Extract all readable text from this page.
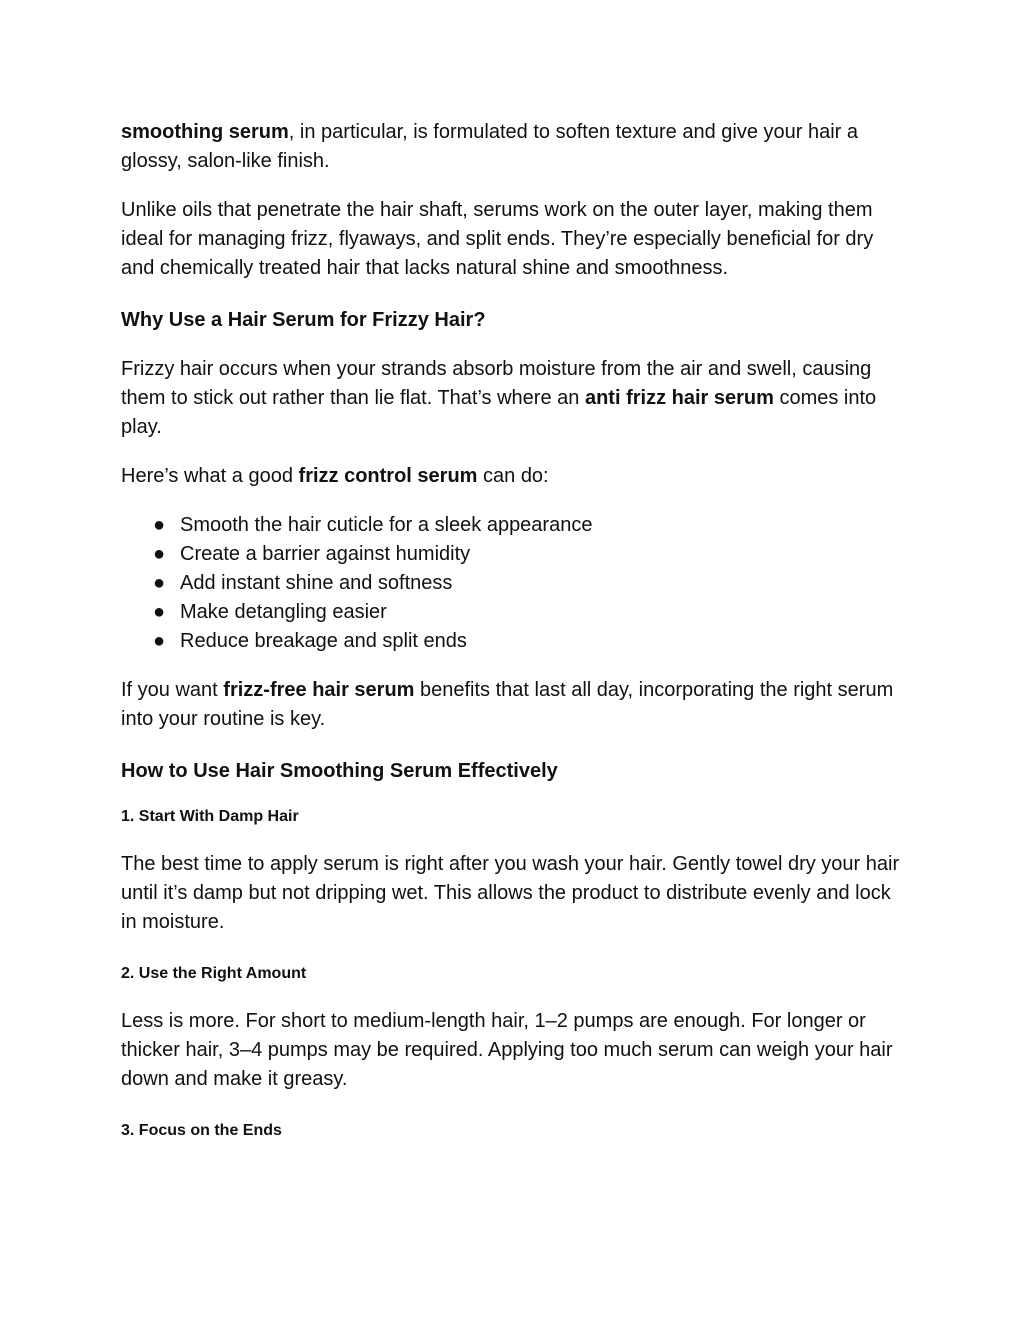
smoothing serum, in particular, is formulated to soften texture and give your hair a glossy, salon-like finish.

Unlike oils that penetrate the hair shaft, serums work on the outer layer, making them ideal for managing frizz, flyaways, and split ends. They’re especially beneficial for dry and chemically treated hair that lacks natural shine and smoothness.

Why Use a Hair Serum for Frizzy Hair?

Frizzy hair occurs when your strands absorb moisture from the air and swell, causing them to stick out rather than lie flat. That’s where an anti frizz hair serum comes into play.

Here’s what a good frizz control serum can do:

● Smooth the hair cuticle for a sleek appearance
● Create a barrier against humidity
● Add instant shine and softness
● Make detangling easier
● Reduce breakage and split ends

If you want frizz-free hair serum benefits that last all day, incorporating the right serum into your routine is key.

How to Use Hair Smoothing Serum Effectively
1. Start With Damp Hair

The best time to apply serum is right after you wash your hair. Gently towel dry your hair until it’s damp but not dripping wet. This allows the product to distribute evenly and lock in moisture.

2. Use the Right Amount

Less is more. For short to medium-length hair, 1–2 pumps are enough. For longer or thicker hair, 3–4 pumps may be required. Applying too much serum can weigh your hair down and make it greasy.

3. Focus on the Ends
